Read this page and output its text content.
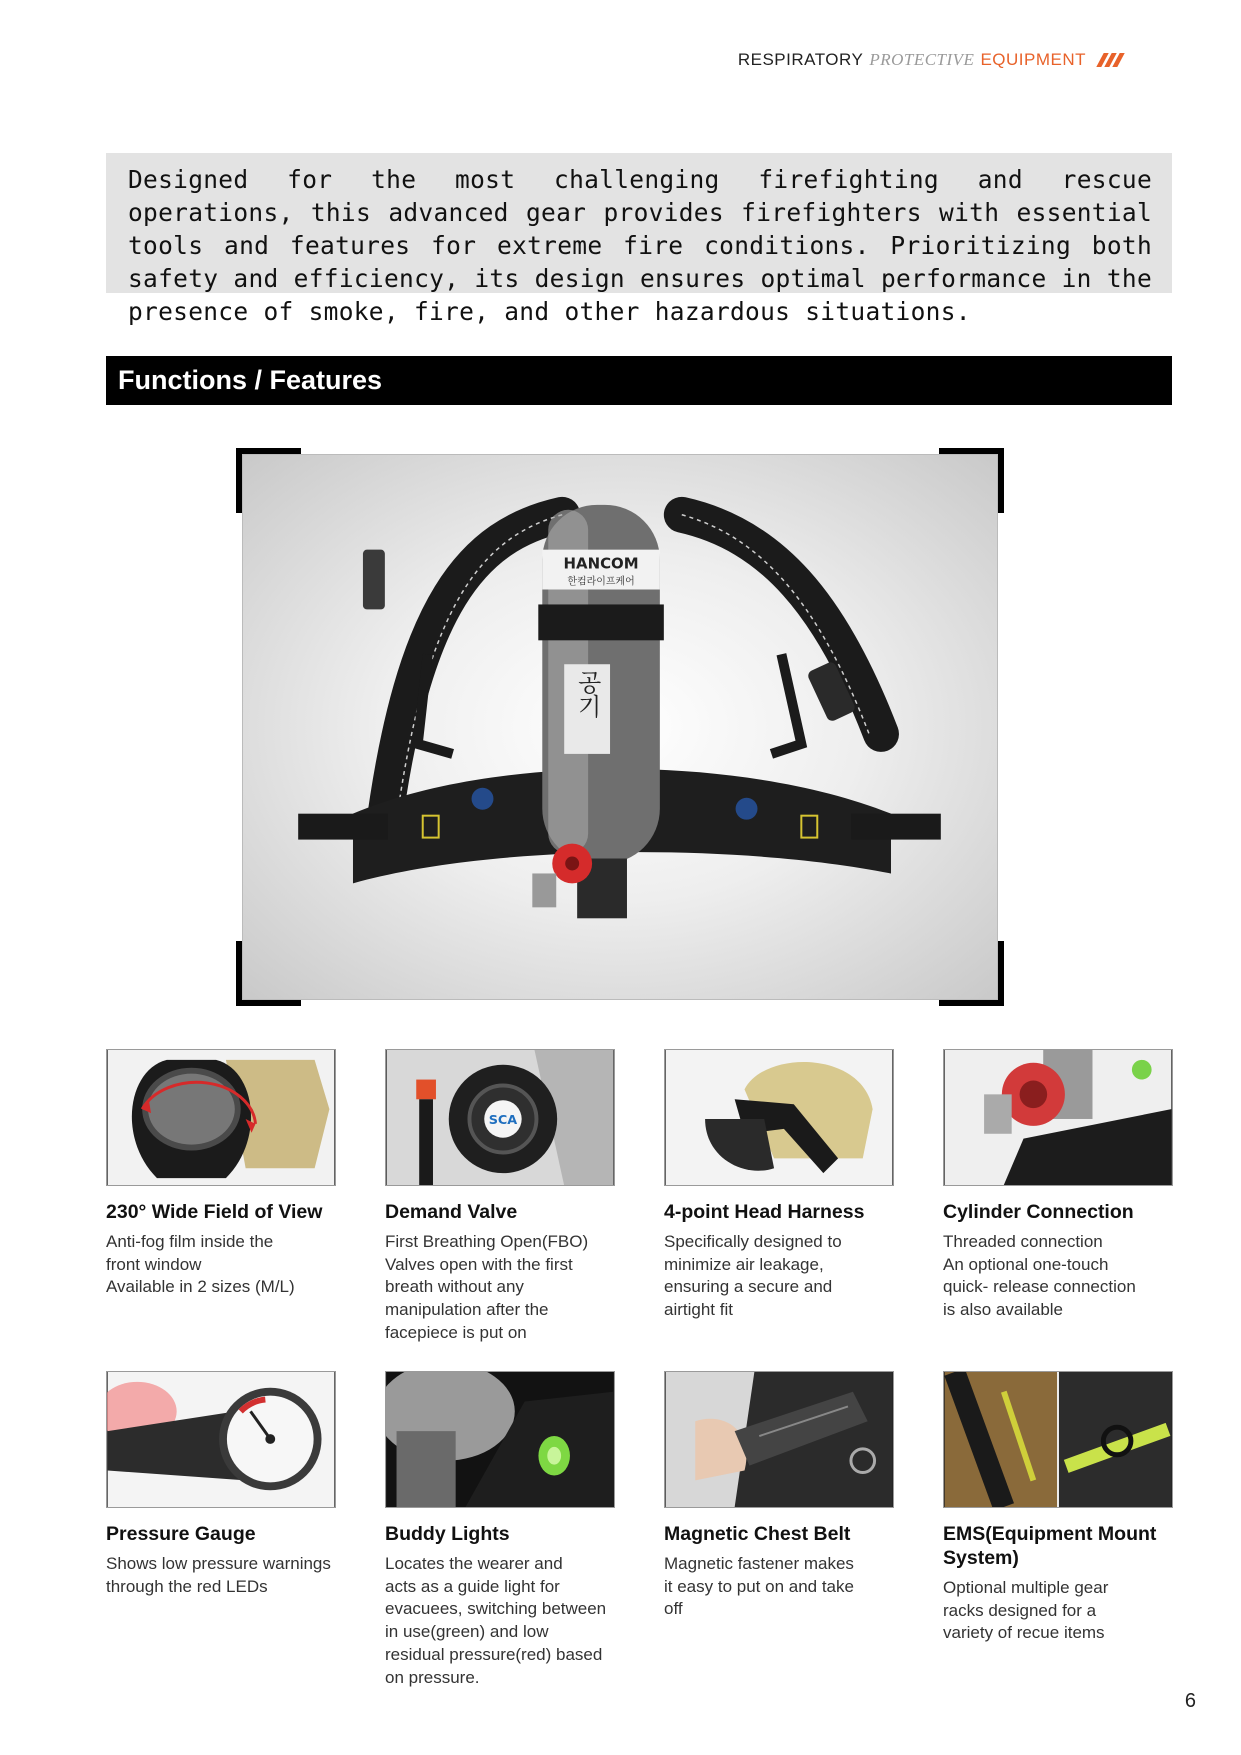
RESPIRATORY PROTECTIVE EQUIPMENT
Designed for the most challenging firefighting and rescue operations, this advanced gear provides firefighters with essential tools and features for extreme fire conditions. Prioritizing both safety and efficiency, its design ensures optimal performance in the presence of smoke, fire, and other hazardous situations.
Functions / Features
HANCOM
한컴라이프케어
공기
230° Wide Field of View
Anti-fog film inside the
front window
Available in 2 sizes (M/L)
SCA
Demand Valve
First Breathing Open(FBO)
Valves open with the first
breath without any
manipulation after the
facepiece is put on
4-point Head Harness
Specifically designed to
minimize air leakage,
ensuring a secure and
airtight fit
Cylinder Connection
Threaded connection
An optional one-touch
quick- release connection
is also available
Pressure Gauge
Shows low pressure warnings
through the red LEDs
Buddy Lights
Locates the wearer and
acts as a guide light for
evacuees, switching between
in use(green) and low
residual pressure(red) based
on pressure.
Magnetic Chest Belt
Magnetic fastener makes
it easy to put on and take
off
EMS(Equipment Mount System)
Optional multiple gear
racks designed for a
variety of recue items
6
